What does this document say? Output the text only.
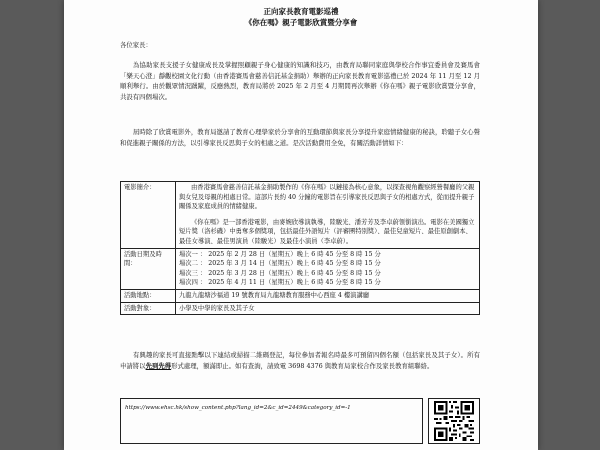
正向家長教育電影巡禮
《你在嗎》親子電影欣賞暨分享會
各位家長：
為協助家長支援子女健康成長及掌握照顧親子身心健康的知識和技巧，由教育局聯同家庭與學校合作事宜委員會及賽馬會「樂天心澄」靜觀校園文化行動（由香港賽馬會慈善信託基金捐助）舉辦的正向家長教育電影巡禮已於 2024 年 11 月至 12 月順利舉行。由於觀眾情況踴躍，反應熱烈，教育局將於 2025 年 2 月至 4 月期間再次舉辦《你在嗎》親子電影欣賞暨分享會，共設有四個場次。
屆時除了欣賞電影外，教育局邀請了教育心理學家於分享會的互動環節與家長分享提升家庭情緒健康的秘訣，聆聽子女心聲和促進親子關係的方法，以引導家長反思與子女的相處之道。是次活動費用全免，有關活動詳情如下：
電影簡介：	由香港賽馬會慈善信託基金捐助製作的《你在嗎》以鏈接為核心意象，以探查視角觀察經營餐廳的父親與女兒及母親的相處日常。這部片長約 40 分鐘的電影旨在引導家長反思與子女的相處方式，從而提升親子關係及家庭成員的情緒健康。
《你在嗎》是一部香港電影，由麥婉欣導演執導，陸駿光、潘芳芳及李卓蔚領銜演出。電影在美國獨立短片獎（洛杉磯）中勇奪多個獎項，包括最佳外語短片（評審團特別獎）、最佳兒童短片、最佳原創劇本、最佳女導演、最佳男演員（陸駿光）及最佳小演員（李卓蔚）。

活動日期及時間：	場次一 ： 2025 年 2 月 28 日（星期五）晚上 6 時 45 分至 8 時 15 分
場次二 ： 2025 年 3 月 14 日（星期五）晚上 6 時 45 分至 8 時 15 分
場次三 ： 2025 年 3 月 28 日（星期五）晚上 6 時 45 分至 8 時 15 分
場次四 ： 2025 年 4 月 11 日（星期五）晚上 6 時 45 分至 8 時 15 分

活動地點：	九龍九龍塘沙福道 19 號教育局九龍塘教育服務中心西座 4 樓演講廳
活動對象：	小學及中學的家長及其子女
有興趣的家長可直接點擊以下連結或掃描二維碼登記，每位參加者報名時最多可預留四個名額（包括家長及其子女）。所有申請將以先到先得形式處理，額滿即止。如有查詢，請致電 3698 4376 與教育局家校合作及家長教育組聯絡。
https://www.ehsc.hk/show_content.php?lang_id=2&c_id=2449&category_id=-1
